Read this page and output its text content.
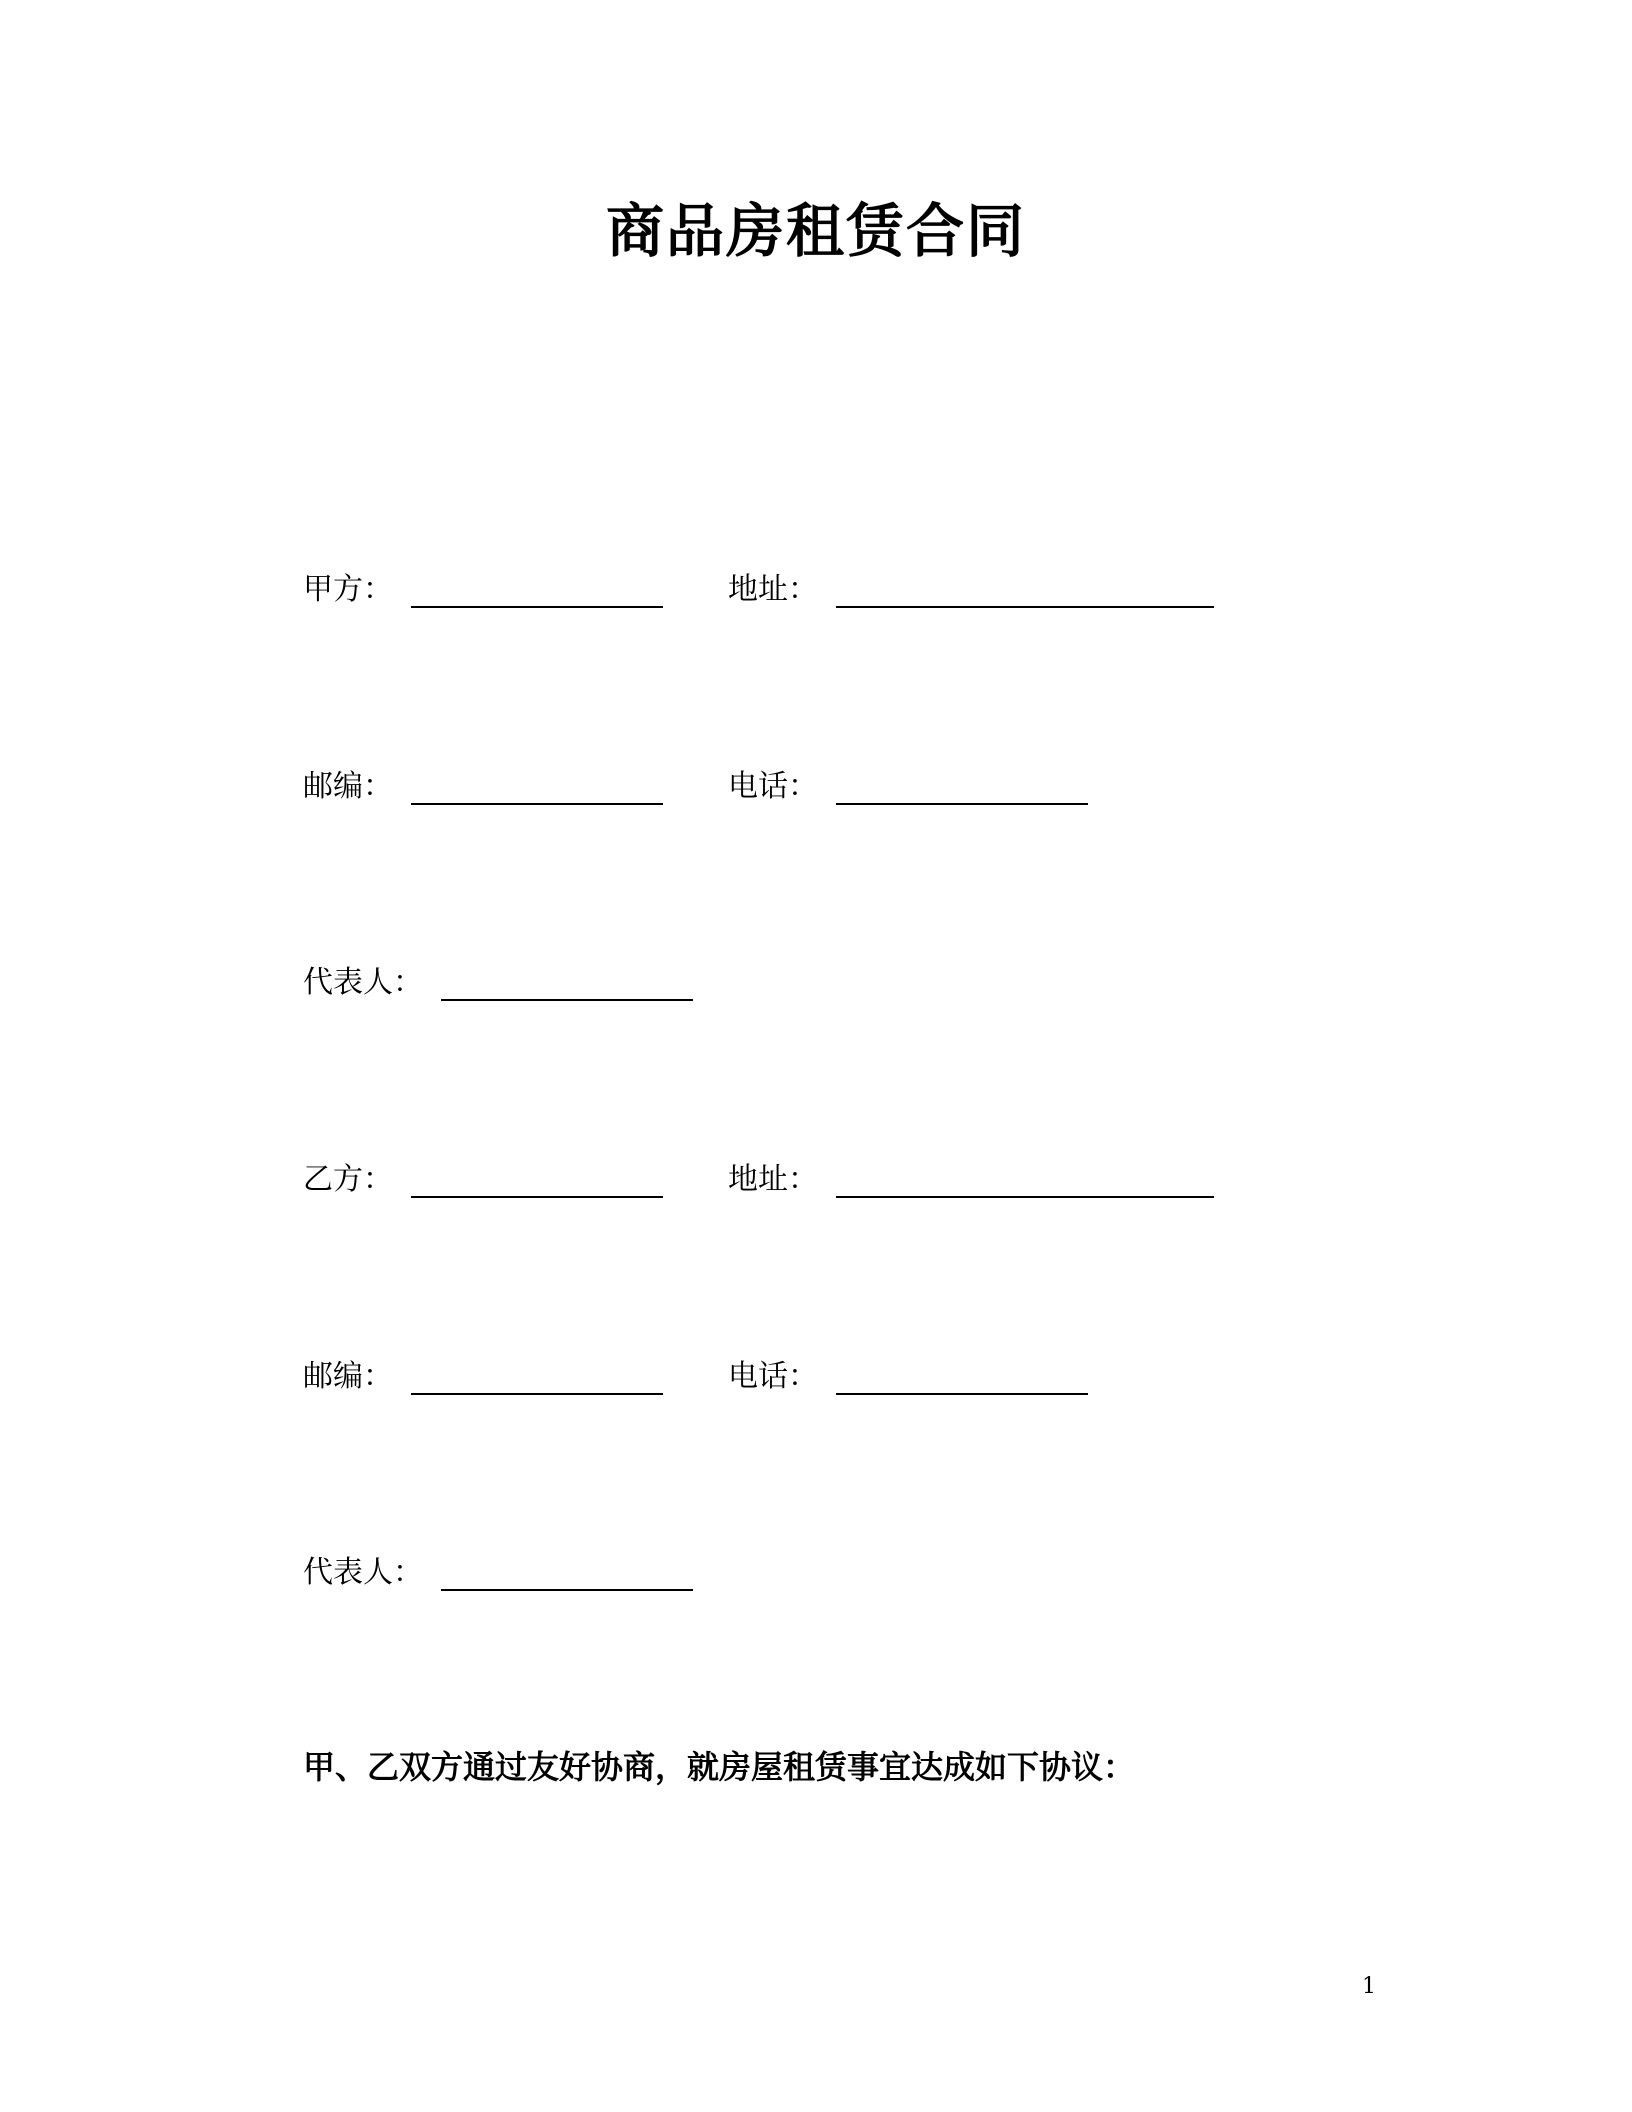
商品房租赁合同
甲方：	地址：
邮编：	电话：
代表人：
乙方：	地址：
邮编：	电话：
代表人：
甲、乙双方通过友好协商，就房屋租赁事宜达成如下协议：
1
